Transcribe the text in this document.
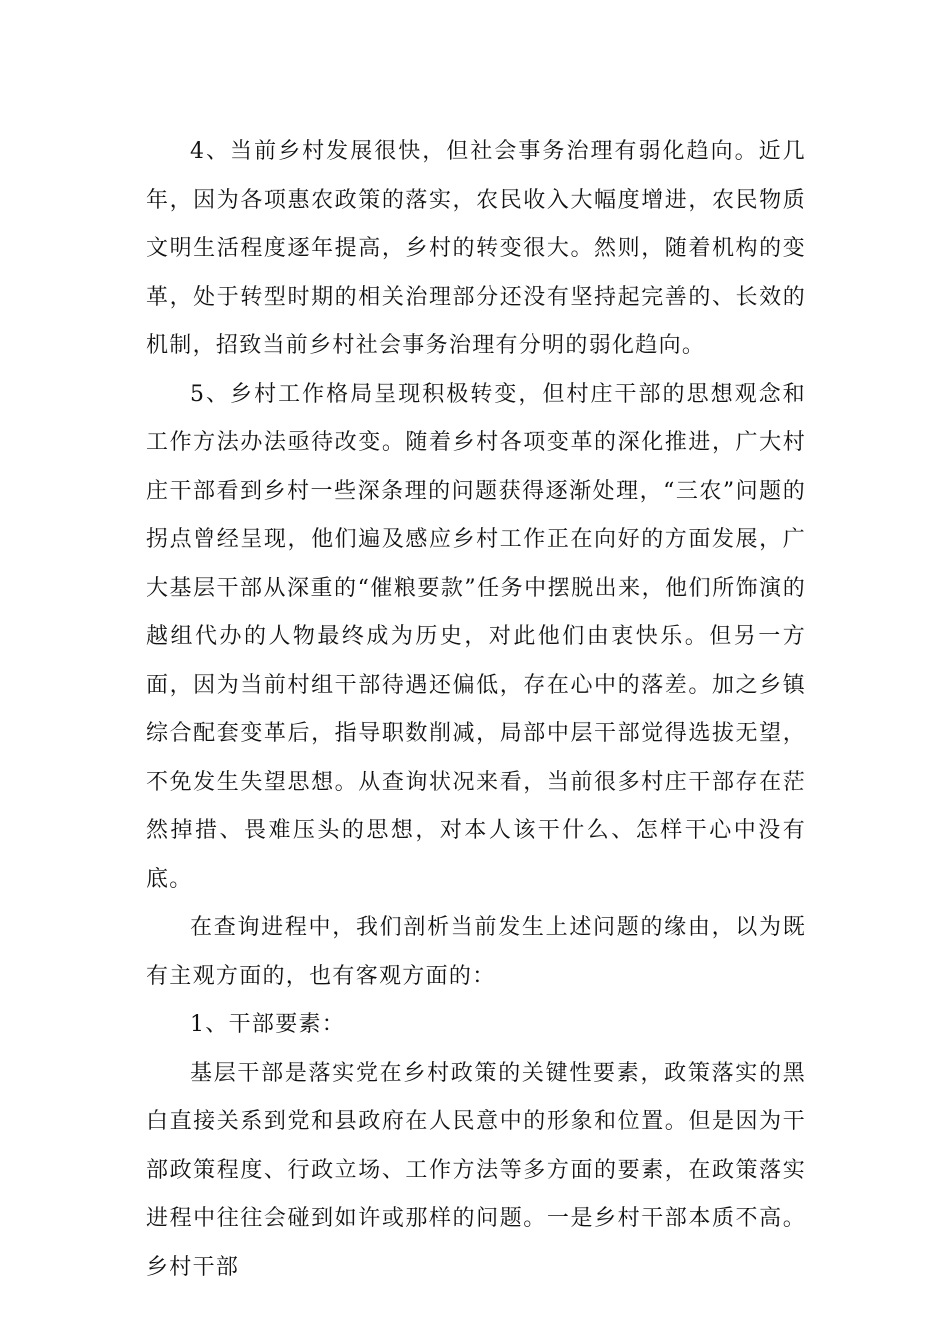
4、当前乡村发展很快，但社会事务治理有弱化趋向。近几年，因为各项惠农政策的落实，农民收入大幅度增进，农民物质文明生活程度逐年提高，乡村的转变很大。然则，随着机构的变革，处于转型时期的相关治理部分还没有坚持起完善的、长效的机制，招致当前乡村社会事务治理有分明的弱化趋向。

5、乡村工作格局呈现积极转变，但村庄干部的思想观念和工作方法办法亟待改变。随着乡村各项变革的深化推进，广大村庄干部看到乡村一些深条理的问题获得逐渐处理，“三农”问题的拐点曾经呈现，他们遍及感应乡村工作正在向好的方面发展，广大基层干部从深重的“催粮要款”任务中摆脱出来，他们所饰演的越组代办的人物最终成为历史，对此他们由衷快乐。但另一方面，因为当前村组干部待遇还偏低，存在心中的落差。加之乡镇综合配套变革后，指导职数削减，局部中层干部觉得选拔无望，不免发生失望思想。从查询状况来看，当前很多村庄干部存在茫然掉措、畏难压头的思想，对本人该干什么、怎样干心中没有底。

在查询进程中，我们剖析当前发生上述问题的缘由，以为既有主观方面的，也有客观方面的：

1、干部要素：

基层干部是落实党在乡村政策的关键性要素，政策落实的黑白直接关系到党和县政府在人民意中的形象和位置。但是因为干部政策程度、行政立场、工作方法等多方面的要素，在政策落实进程中往往会碰到如许或那样的问题。一是乡村干部本质不高。乡村干部
